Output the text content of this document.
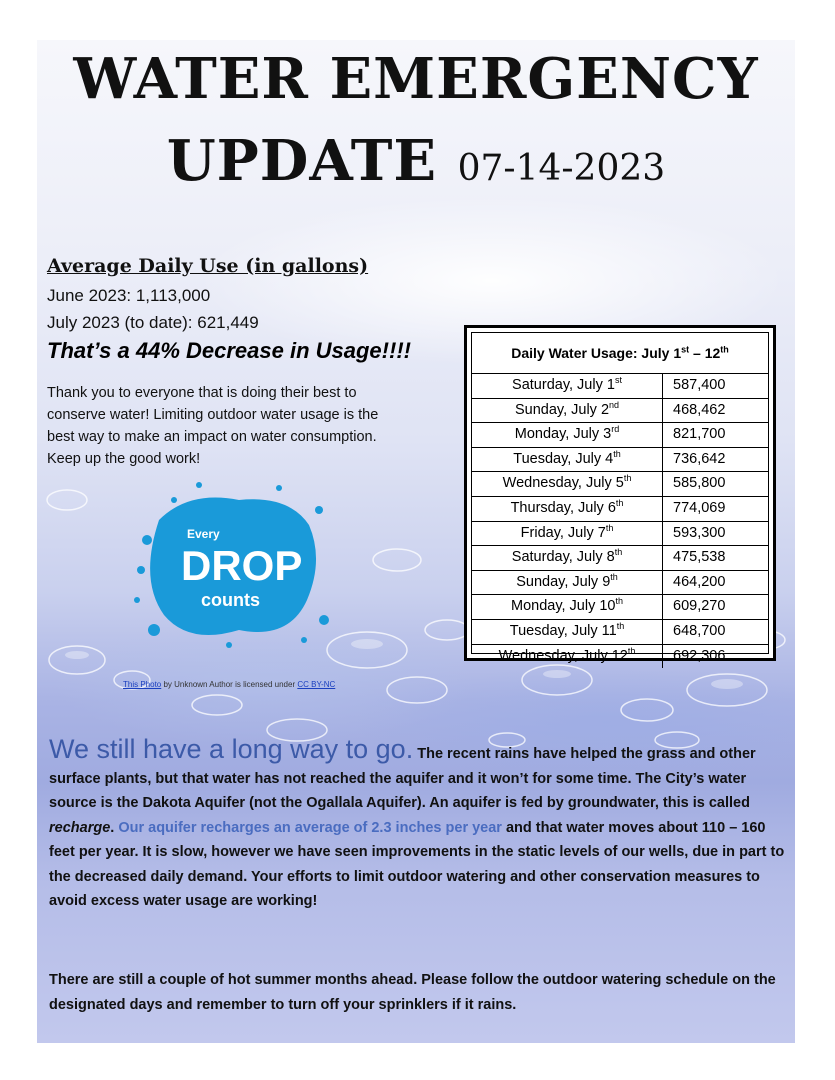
WATER EMERGENCY
UPDATE 07-14-2023

Average Daily Use (in gallons)

June 2023: 1,113,000

July 2023 (to date): 621,449

That’s a 44% Decrease in Usage!!!!

Thank you to everyone that is doing their best to conserve water! Limiting outdoor water usage is the best way to make an impact on water consumption. Keep up the good work!

Every
DROP
counts

This Photo by Unknown Author is licensed under CC BY-NC

Daily Water Usage: July 1st – 12th
Saturday, July 1st	587,400
Sunday, July 2nd	468,462
Monday, July 3rd	821,700
Tuesday, July 4th	736,642
Wednesday, July 5th	585,800
Thursday, July 6th	774,069
Friday, July 7th	593,300
Saturday, July 8th	475,538
Sunday, July 9th	464,200
Monday, July 10th	609,270
Tuesday, July 11th	648,700
Wednesday, July 12th	692,306

We still have a long way to go. The recent rains have helped the grass and other surface plants, but that water has not reached the aquifer and it won’t for some time. The City’s water source is the Dakota Aquifer (not the Ogallala Aquifer). An aquifer is fed by groundwater, this is called recharge. Our aquifer recharges an average of 2.3 inches per year and that water moves about 110 – 160 feet per year. It is slow, however we have seen improvements in the static levels of our wells, due in part to the decreased daily demand. Your efforts to limit outdoor watering and other conservation measures to avoid excess water usage are working!

There are still a couple of hot summer months ahead. Please follow the outdoor watering schedule on the designated days and remember to turn off your sprinklers if it rains.
